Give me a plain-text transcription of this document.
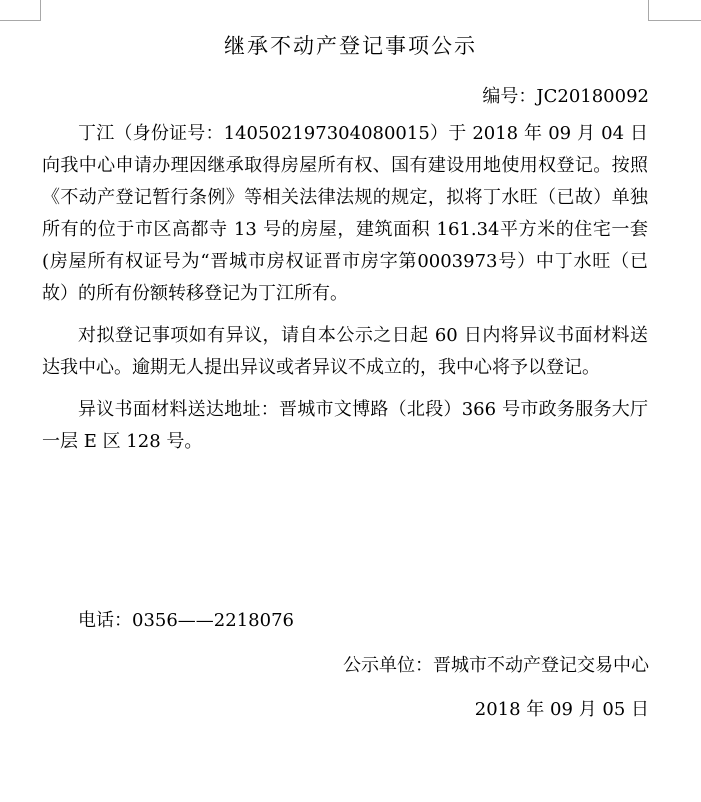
继承不动产登记事项公示
编号：JC20180092

丁江（身份证号：140502197304080015）于 2018 年 09 月 04 日向我中心申请办理因继承取得房屋所有权、国有建设用地使用权登记。按照《不动产登记暂行条例》等相关法律法规的规定，拟将丁水旺（已故）单独所有的位于市区高都寺 13 号的房屋，建筑面积 161.34平方米的住宅一套(房屋所有权证号为“晋城市房权证晋市房字第0003973号）中丁水旺（已故）的所有份额转移登记为丁江所有。

对拟登记事项如有异议，请自本公示之日起 60 日内将异议书面材料送达我中心。逾期无人提出异议或者异议不成立的，我中心将予以登记。

异议书面材料送达地址：晋城市文博路（北段）366 号市政务服务大厅一层 E 区 128 号。

电话：0356——2218076
公示单位：晋城市不动产登记交易中心
2018 年 09 月 05 日
